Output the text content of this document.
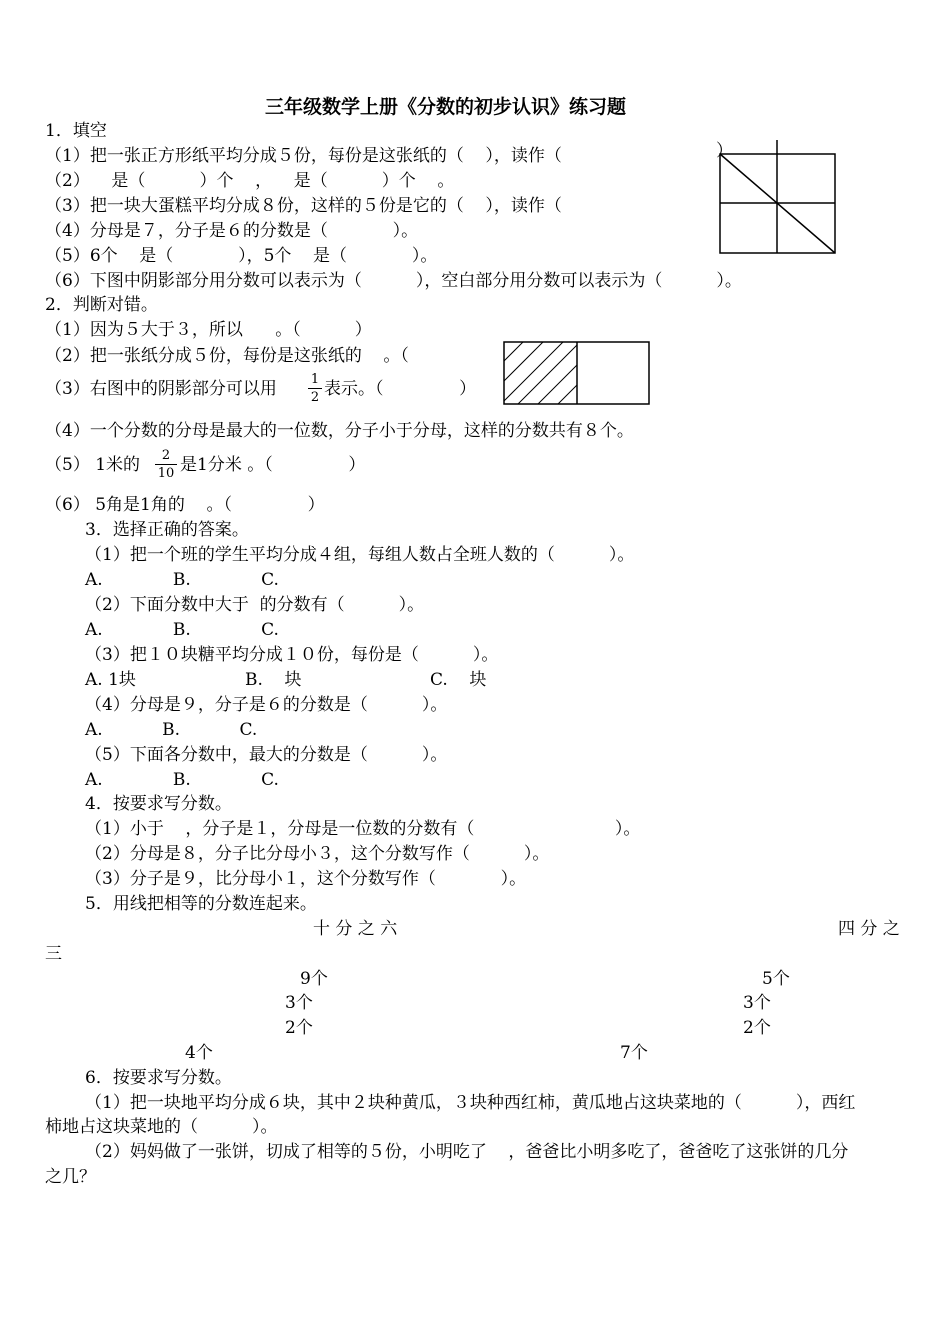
三年级数学上册《分数的初步认识》练习题
1．填空
（1）把一张正方形纸平均分成５份，每份是这张纸的（    ），读作（	）
（2）    是（          ）个    ，    是（          ）个    。
（3）把一块大蛋糕平均分成８份，这样的５份是它的（    ），读作（
（4）分母是７，分子是６的分数是（            ）。
（5）6个    是（            ），5个    是（            ）。
（6）下图中阴影部分用分数可以表示为（          ），空白部分用分数可以表示为（          ）。
2．判断对错。
（1）因为５大于３，所以      。（          ）
（2）把一张纸分成５份，每份是这张纸的    。（
（3）右图中的阴影部分可以用	1
2 表示。（              ）
（4）一个分数的分母是最大的一位数，分子小于分母，这样的分数共有８个。
（5） 1米的	2
10 是1分米 。（              ）
（6） 5角是1角的    。（              ）
3．选择正确的答案。
（1）把一个班的学生平均分成４组，每组人数占全班人数的（          ）。
A.             B.             C.
（2）下面分数中大于  的分数有（          ）。
A.             B.             C.
（3）把１０块糖平均分成１０份，每份是（          ）。
A. 1块	B.    块	C.    块
（4）分母是９，分子是６的分数是（          ）。
A.           B.           C.
（5）下面各分数中，最大的分数是（          ）。
A.             B.             C.
4．按要求写分数。
（1）小于    ，分子是１，分母是一位数的分数有（                          ）。
（2）分母是８，分子比分母小３，这个分数写作（          ）。
（3）分子是９，比分母小１，这个分数写作（            ）。
5．用线把相等的分数连起来。
十 分 之 六	四 分 之
三
9个	5个
3个	3个
2个	2个
4个	7个
6．按要求写分数。
（1）把一块地平均分成６块，其中２块种黄瓜，３块种西红柿，黄瓜地占这块菜地的（          ），西红
柿地占这块菜地的（          ）。
（2）妈妈做了一张饼，切成了相等的５份，小明吃了    ，爸爸比小明多吃了，爸爸吃了这张饼的几分
之几？
